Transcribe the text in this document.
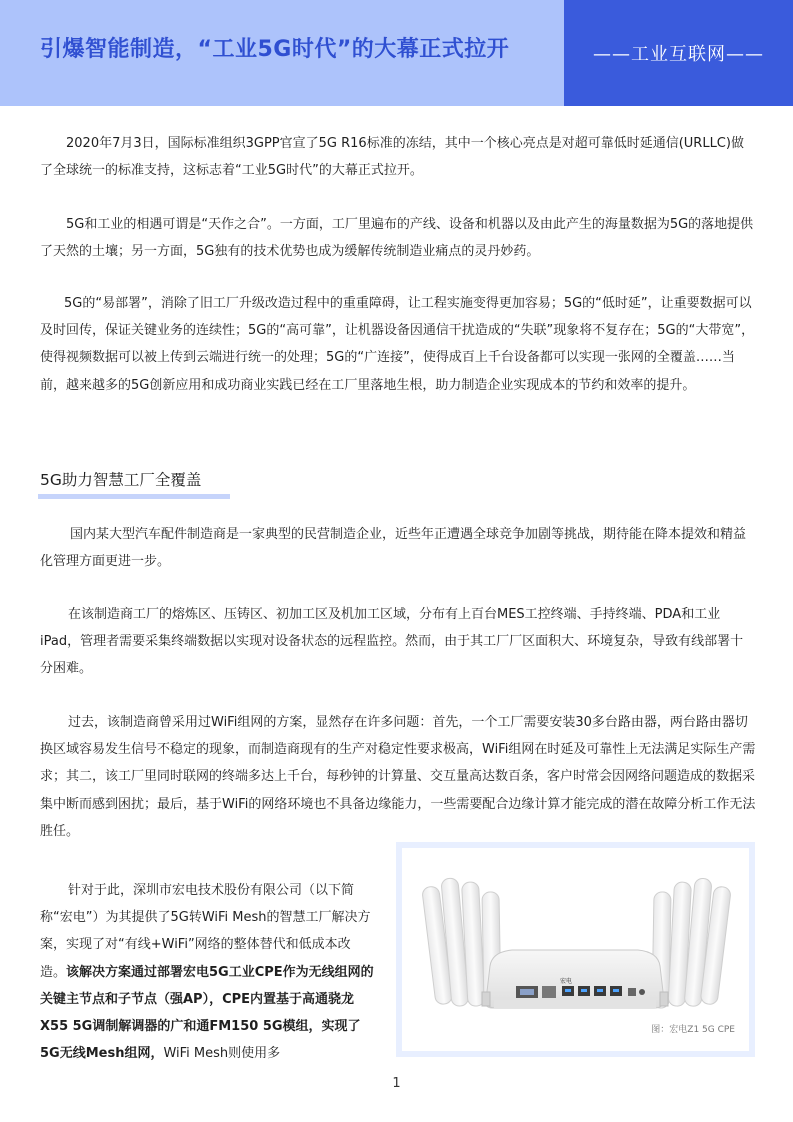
引爆智能制造，“工业5G时代”的大幕正式拉开	——工业互联网——

2020年7月3日，国际标准组织3GPP官宣了5G R16标准的冻结，其中一个核心亮点是对超可靠低时延通信(URLLC)做了全球统一的标准支持，这标志着“工业5G时代”的大幕正式拉开。

5G和工业的相遇可谓是“天作之合”。一方面，工厂里遍布的产线、设备和机器以及由此产生的海量数据为5G的落地提供了天然的土壤；另一方面，5G独有的技术优势也成为缓解传统制造业痛点的灵丹妙药。

5G的“易部署”，消除了旧工厂升级改造过程中的重重障碍，让工程实施变得更加容易；5G的“低时延”，让重要数据可以及时回传，保证关键业务的连续性；5G的“高可靠”，让机器设备因通信干扰造成的“失联”现象将不复存在；5G的“大带宽”，使得视频数据可以被上传到云端进行统一的处理；5G的“广连接”，使得成百上千台设备都可以实现一张网的全覆盖……当前，越来越多的5G创新应用和成功商业实践已经在工厂里落地生根，助力制造企业实现成本的节约和效率的提升。

5G助力智慧工厂全覆盖

国内某大型汽车配件制造商是一家典型的民营制造企业，近些年正遭遇全球竞争加剧等挑战，期待能在降本提效和精益化管理方面更进一步。

在该制造商工厂的熔炼区、压铸区、初加工区及机加工区域，分布有上百台MES工控终端、手持终端、PDA和工业iPad，管理者需要采集终端数据以实现对设备状态的远程监控。然而，由于其工厂厂区面积大、环境复杂，导致有线部署十分困难。

过去，该制造商曾采用过WiFi组网的方案，显然存在许多问题：首先，一个工厂需要安装30多台路由器，两台路由器切换区域容易发生信号不稳定的现象，而制造商现有的生产对稳定性要求极高，WiFi组网在时延及可靠性上无法满足实际生产需求；其二，该工厂里同时联网的终端多达上千台，每秒钟的计算量、交互量高达数百条，客户时常会因网络问题造成的数据采集中断而感到困扰；最后，基于WiFi的网络环境也不具备边缘能力，一些需要配合边缘计算才能完成的潜在故障分析工作无法胜任。

针对于此，深圳市宏电技术股份有限公司（以下简称“宏电”）为其提供了5G转WiFi Mesh的智慧工厂解决方案，实现了对“有线+WiFi”网络的整体替代和低成本改造。该解决方案通过部署宏电5G工业CPE作为无线组网的关键主节点和子节点（强AP），CPE内置基于高通骁龙X55 5G调制解调器的广和通FM150 5G模组，实现了5G无线Mesh组网，WiFi Mesh则使用多

宏电
图：宏电Z1 5G CPE
1
